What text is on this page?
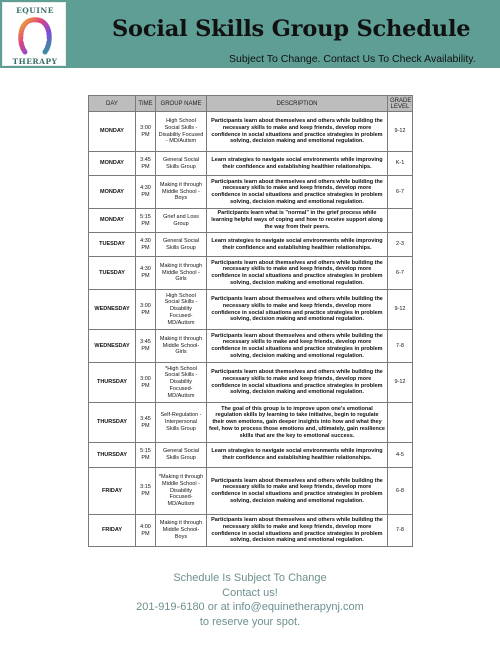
EQUINE
THERAPY
Social Skills Group Schedule
Subject To Change. Contact Us To Check Availability.
DAY	TIME	GROUP NAME	DESCRIPTION	GRADE LEVEL
MONDAY	3:00 PM	High School Social Skills - Disability Focused - MD/Autism	Participants learn about themselves and others while building the necessary skills to make and keep friends, develop more confidence in social situations and practice strategies in problem solving, decision making and emotional regulation.	9-12
MONDAY	3:45 PM	General Social Skills Group	Learn strategies to navigate social environments while improving their confidence and establishing healthier relationships.	K-1
MONDAY	4:30 PM	Making it through Middle School - Boys	Participants learn about themselves and others while building the necessary skills to make and keep friends, develop more confidence in social situations and practice strategies in problem solving, decision making and emotional regulation.	6-7
MONDAY	5:15 PM	Grief and Loss Group	Participants learn what is "normal" in the grief process while learning helpful ways of coping and how to receive support along the way from their peers.	
TUESDAY	4:30 PM	General Social Skills Group	Learn strategies to navigate social environments while improving their confidence and establishing healthier relationships.	2-3
TUESDAY	4:30 PM	Making it through Middle School - Girls	Participants learn about themselves and others while building the necessary skills to make and keep friends, develop more confidence in social situations and practice strategies in problem solving, decision making and emotional regulation.	6-7
WEDNESDAY	3:00 PM	High School Social Skills - Disability Focused- MD/Autism	Participants learn about themselves and others while building the necessary skills to make and keep friends, develop more confidence in social situations and practice strategies in problem solving, decision making and emotional regulation.	9-12
WEDNESDAY	3:45 PM	Making it through Middle School- Girls	Participants learn about themselves and others while building the necessary skills to make and keep friends, develop more confidence in social situations and practice strategies in problem solving, decision making and emotional regulation.	7-8
THURSDAY	3:00 PM	*High School Social Skills - Disability Focused- MD/Autism	Participants learn about themselves and others while building the necessary skills to make and keep friends, develop more confidence in social situations and practice strategies in problem solving, decision making and emotional regulation.	9-12
THURSDAY	3:45 PM	Self-Regulation - Interpersonal Skills Group	The goal of this group is to improve upon one's emotional regulation skills by learning to take initiative, begin to regulate their own emotions, gain deeper insights into how and what they feel, how to process those emotions and, ultimately, gain resilience skills that are the key to emotional success.	
THURSDAY	5:15 PM	General Social Skills Group	Learn strategies to navigate social environments while improving their confidence and establishing healthier relationships.	4-5
FRIDAY	3:15 PM	*Making it through Middle School - Disability Focused- MD/Autism	Participants learn about themselves and others while building the necessary skills to make and keep friends, develop more confidence in social situations and practice strategies in problem solving, decision making and emotional regulation.	6-8
FRIDAY	4:00 PM	Making it through Middle School- Boys	Participants learn about themselves and others while building the necessary skills to make and keep friends, develop more confidence in social situations and practice strategies in problem solving, decision making and emotional regulation.	7-8
Schedule Is Subject To Change
Contact us!
201-919-6180 or at info@equinetherapynj.com
to reserve your spot.
